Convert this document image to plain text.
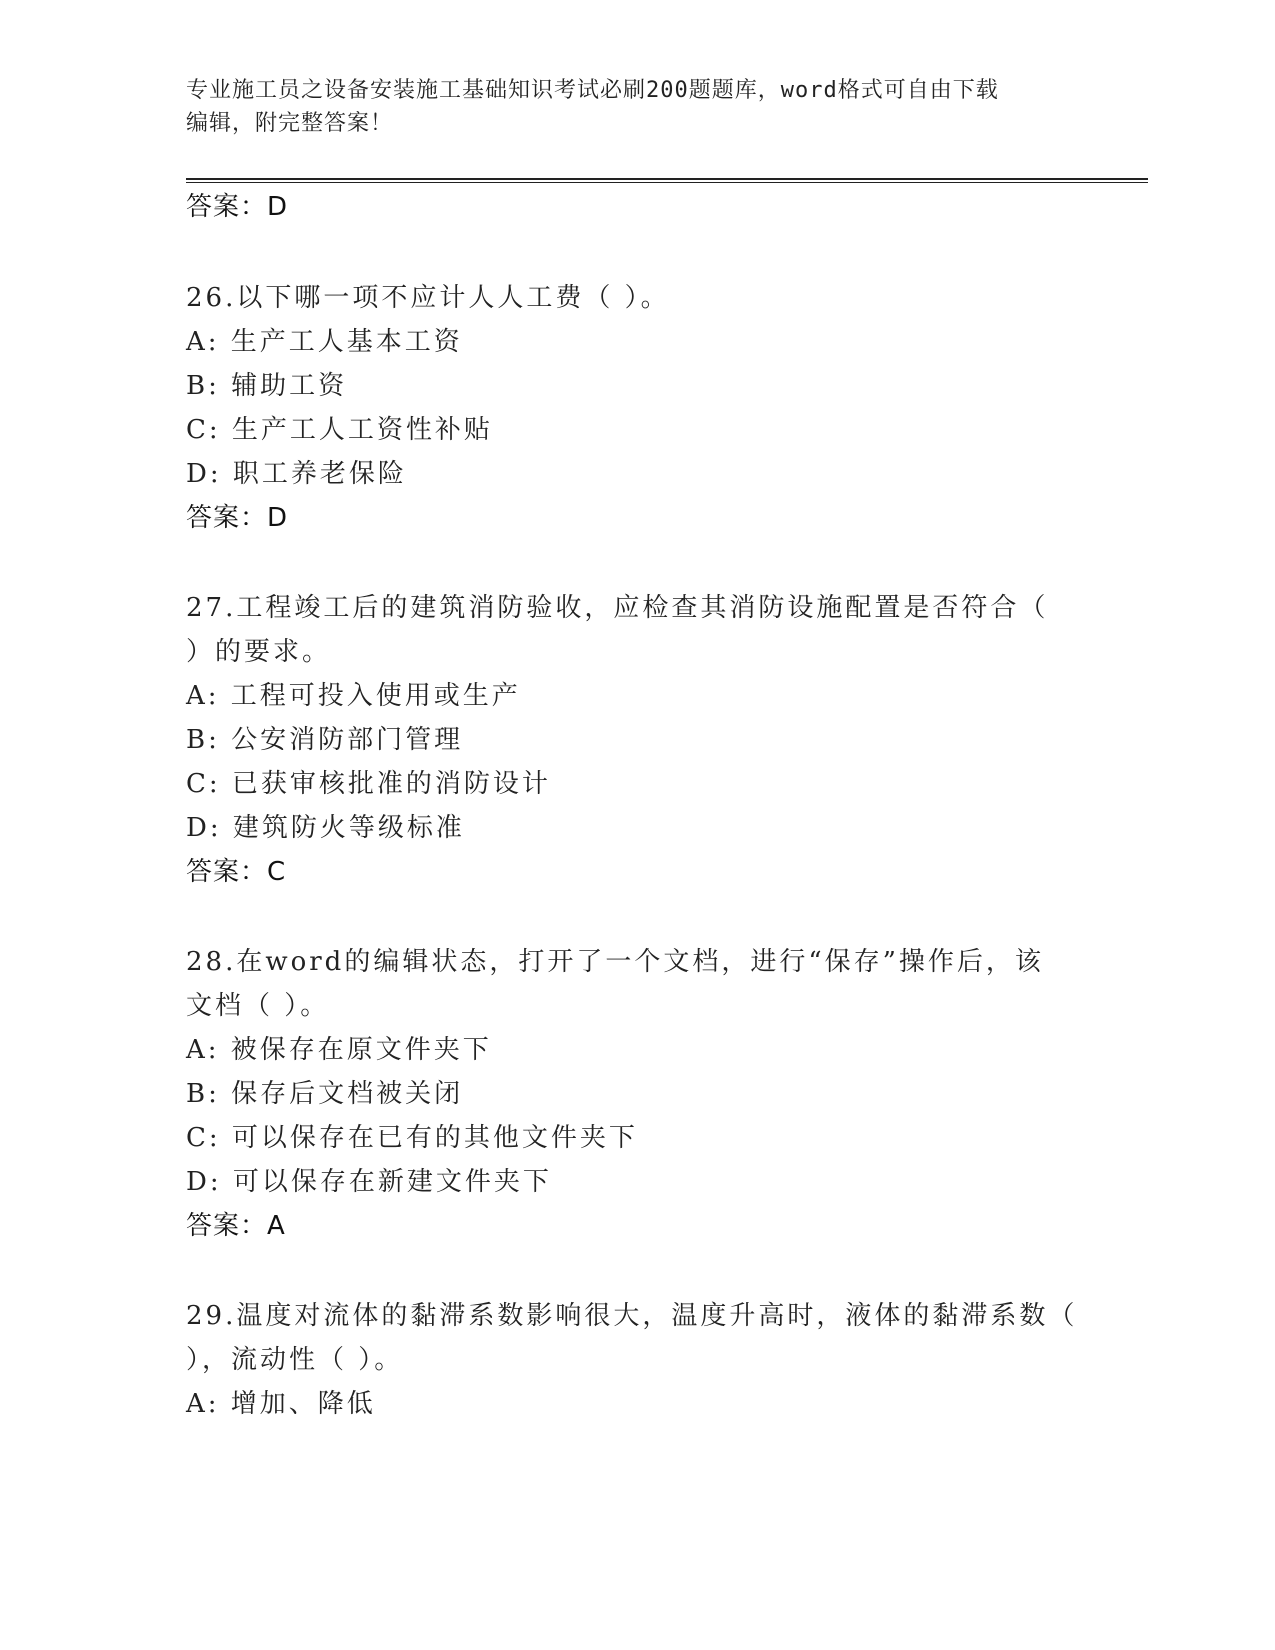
专业施工员之设备安装施工基础知识考试必刷200题题库，word格式可自由下载
编辑，附完整答案！
答案：D
26.以下哪一项不应计人人工费（ ）。
A: 生产工人基本工资
B: 辅助工资
C: 生产工人工资性补贴
D: 职工养老保险
答案：D
27.工程竣工后的建筑消防验收，应检查其消防设施配置是否符合（
）的要求。
A: 工程可投入使用或生产
B: 公安消防部门管理
C: 已获审核批准的消防设计
D: 建筑防火等级标准
答案：C
28.在word的编辑状态，打开了一个文档，进行“保存”操作后，该
文档（ ）。
A: 被保存在原文件夹下
B: 保存后文档被关闭
C: 可以保存在已有的其他文件夹下
D: 可以保存在新建文件夹下
答案：A
29.温度对流体的黏滞系数影响很大，温度升高时，液体的黏滞系数（
），流动性（ ）。
A: 增加、降低
